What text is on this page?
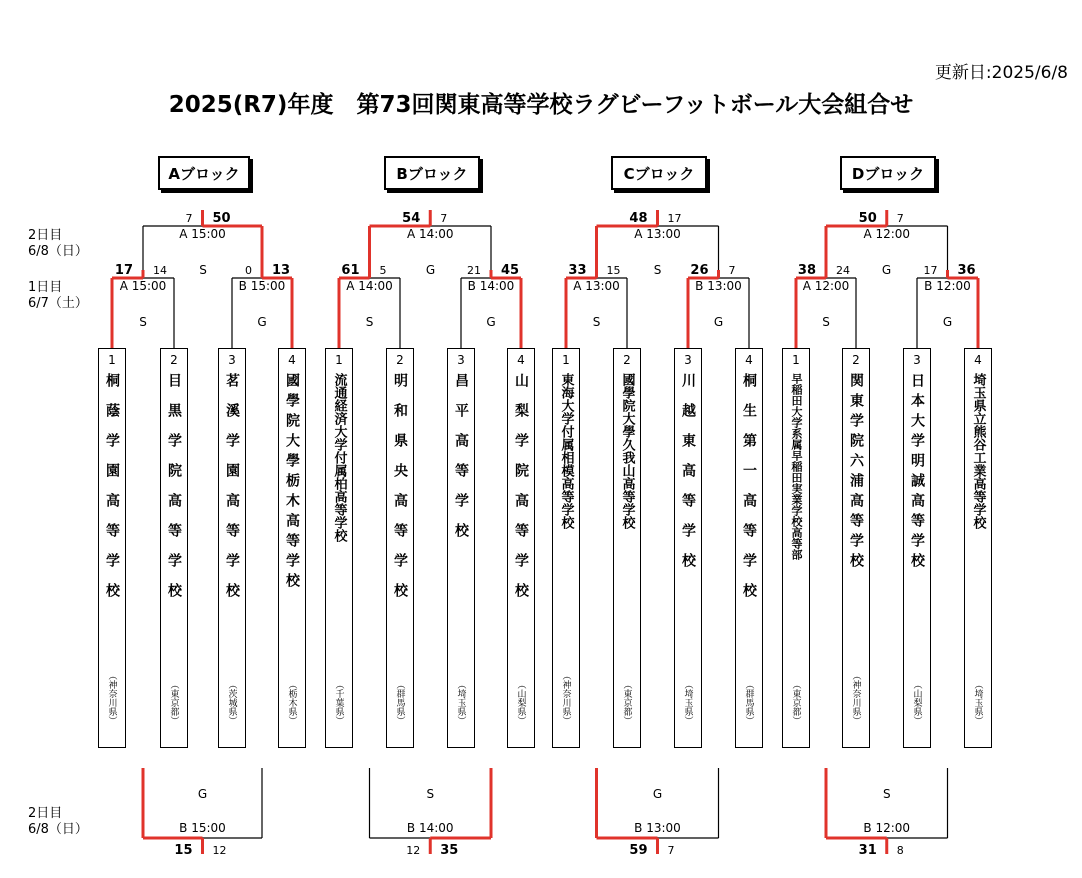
更新日:2025/6/8
2025(R7)年度　第73回関東高等学校ラグビーフットボール大会組合せ
2日目
6/8（日）
1日目
6/7（土）
2日目
6/8（日）
17 14
A 15:00
S
0 13
B 15:00
G
S
7 50
A 15:00
15 12
B 15:00
G
61 5
A 14:00
S
21 45
B 14:00
G
G
54 7
A 14:00
12 35
B 14:00
S
33 15
A 13:00
S
26 7
B 13:00
G
S
48 17
A 13:00
59 7
B 13:00
G
38 24
A 12:00
S
17 36
B 12:00
G
G
50 7
A 12:00
31 8
B 12:00
S
Aブロック
1
桐蔭学園高等学校
（神奈川県）
2
目黒学院高等学校
（東京都）
3
茗溪学園高等学校
（茨城県）
4
國學院大學栃木高等学校
（栃木県）
Bブロック
1
流通経済大学付属柏高等学校
（千葉県）
2
明和県央高等学校
（群馬県）
3
昌平高等学校
（埼玉県）
4
山梨学院高等学校
（山梨県）
Cブロック
1
東海大学付属相模高等学校
（神奈川県）
2
國學院大學久我山高等学校
（東京都）
3
川越東高等学校
（埼玉県）
4
桐生第一高等学校
（群馬県）
Dブロック
1
早稲田大学系属早稲田実業学校高等部
（東京都）
2
関東学院六浦高等学校
（神奈川県）
3
日本大学明誠高等学校
（山梨県）
4
埼玉県立熊谷工業高等学校
（埼玉県）
